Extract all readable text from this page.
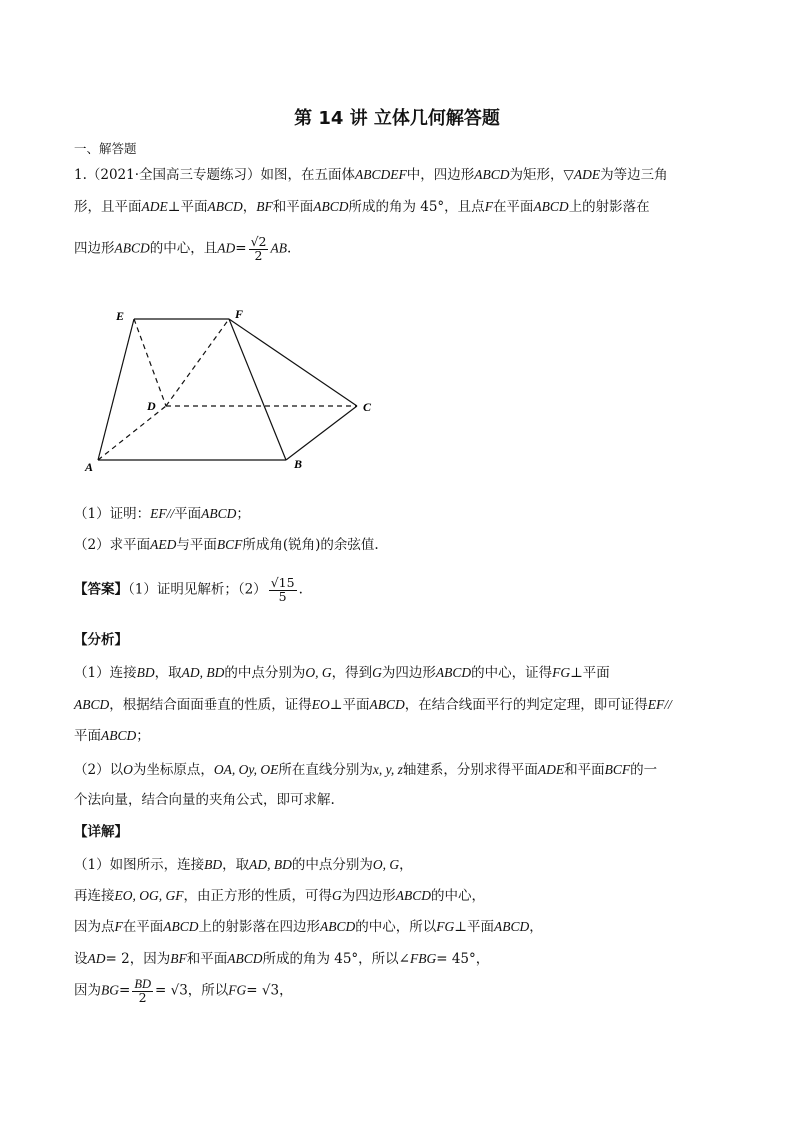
第 14 讲 立体几何解答题
一、解答题
1.（2021·全国高三专题练习）如图，在五面体ABCDEF中，四边形ABCD为矩形，▽ADE为等边三角
形，且平面ADE⊥平面ABCD，BF和平面ABCD所成的角为 45°，且点F在平面ABCD上的射影落在
四边形ABCD的中心，且$AD= \frac{√2}{2}$ AB.
E	F
D	C
A	B
（1）证明：EF//平面ABCD；
（2）求平面AED与平面BCF所成角(锐角)的余弦值.
【答案】（1）证明见解析；$(2) \frac{√15}{5}$ .
【分析】
（1）连接BD，取AD, BD的中点分别为O, G，得到G为四边形ABCD的中心，证得FG⊥平面
ABCD，根据结合面面垂直的性质，证得EO⊥平面ABCD，在结合线面平行的判定定理，即可证得EF//
平面ABCD；
（2）以O为坐标原点，OA, Oy, OE所在直线分别为x, y, z轴建系，分别求得平面ADE和平面BCF的一
个法向量，结合向量的夹角公式，即可求解.
【详解】
（1）如图所示，连接BD，取AD, BD的中点分别为O, G，
再连接EO, OG, GF，由正方形的性质，可得G为四边形ABCD的中心，
因为点F在平面ABCD上的射影落在四边形ABCD的中心，所以FG⊥平面ABCD，
设AD= 2，因为BF和平面ABCD所成的角为 45°，所以∠FBG= 45°，
因为$BG= \frac{BD}{2} = √3$，所以FG= √3，
